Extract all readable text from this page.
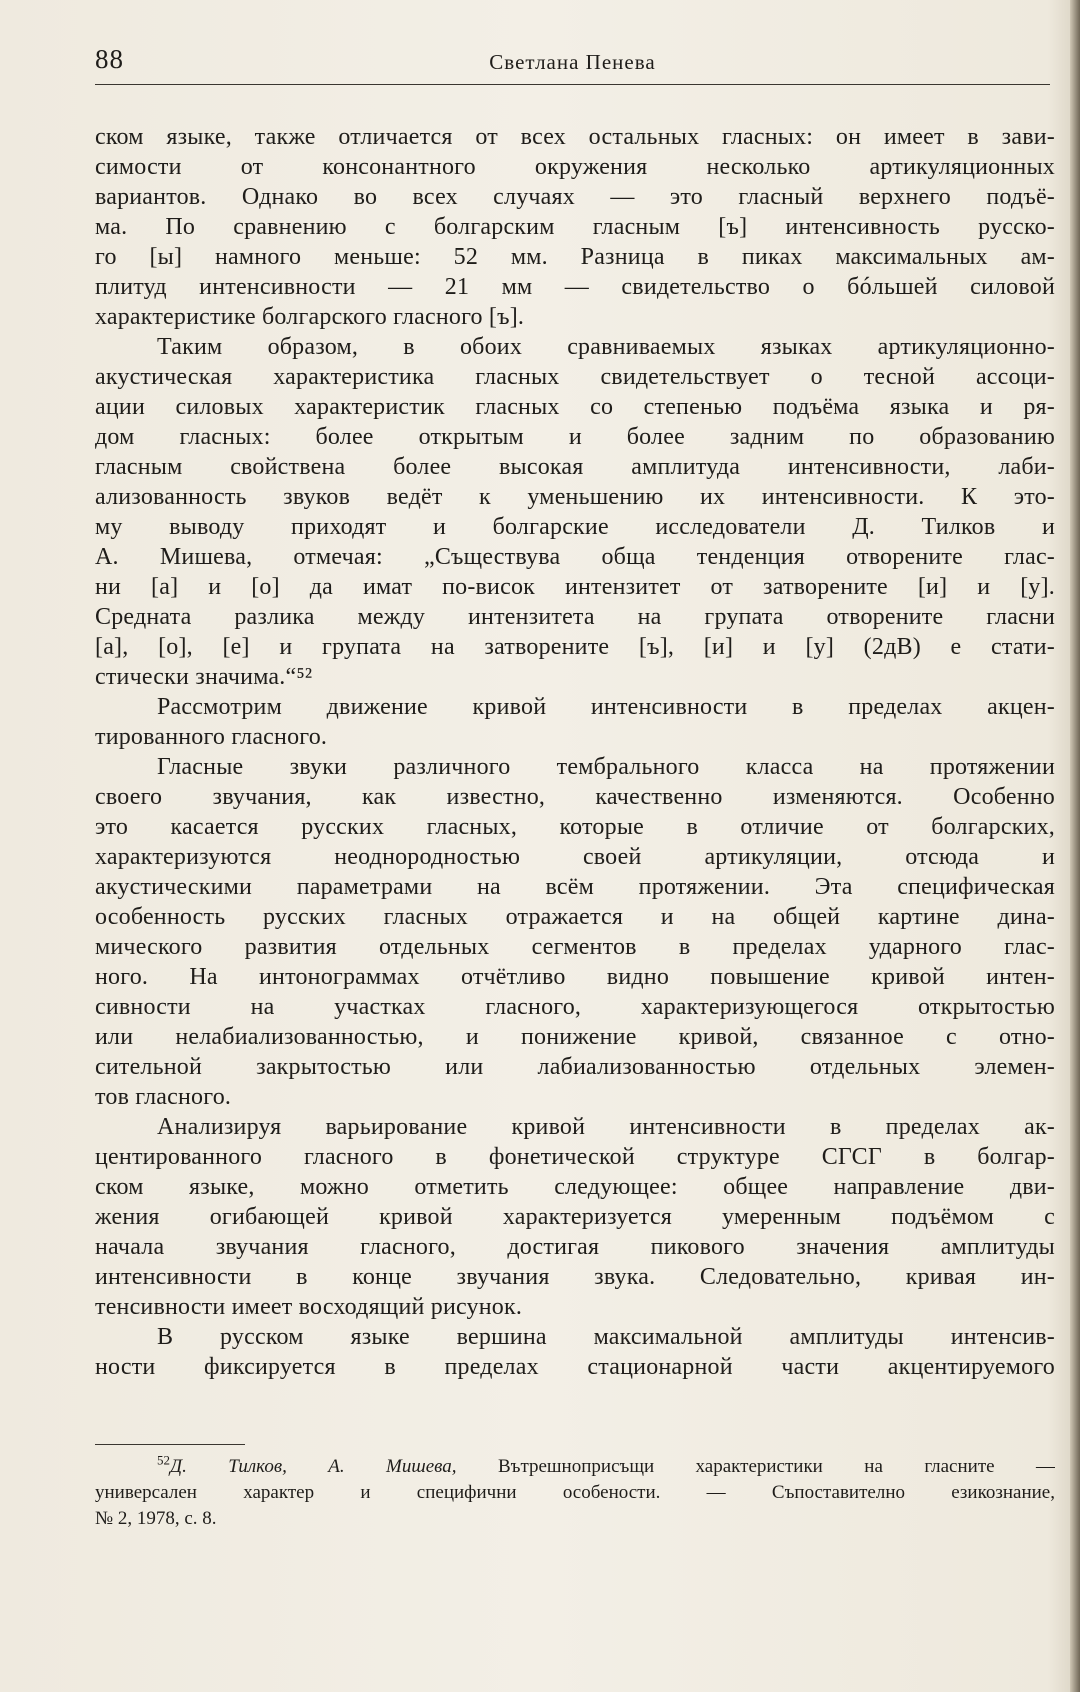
88	Светлана Пенева
ском языке, также отличается от всех остальных гласных: он имеет в зави-
симости от консонантного окружения несколько артикуляционных
вариантов. Однако во всех случаях — это гласный верхнего подъё-
ма. По сравнению с болгарским гласным [ъ] интенсивность русско-
го [ы] намного меньше: 52 мм. Разница в пиках максимальных ам-
плитуд интенсивности — 21 мм — свидетельство о бóльшей силовой
характеристике болгарского гласного [ъ].
Таким образом, в обоих сравниваемых языках артикуляционно-
акустическая характеристика гласных свидетельствует о тесной ассоци-
ации силовых характеристик гласных со степенью подъёма языка и ря-
дом гласных: более открытым и более задним по образованию
гласным свойствена более высокая амплитуда интенсивности, лаби-
ализованность звуков ведёт к уменьшению их интенсивности. К это-
му выводу приходят и болгарские исследователи Д. Тилков и
А. Мишева, отмечая: „Съществува обща тенденция отворените глас-
ни [а] и [о] да имат по-висок интензитет от затворените [и] и [у].
Средната разлика между интензитета на групата отворените гласни
[а], [о], [е] и групата на затворените [ъ], [и] и [у] (2дВ) е стати-
стически значима.“⁵²
Рассмотрим движение кривой интенсивности в пределах акцен-
тированного гласного.
Гласные звуки различного тембрального класса на протяжении
своего звучания, как известно, качественно изменяются. Особенно
это касается русских гласных, которые в отличие от болгарских,
характеризуются неоднородностью своей артикуляции, отсюда и
акустическими параметрами на всём протяжении. Эта специфическая
особенность русских гласных отражается и на общей картине дина-
мического развития отдельных сегментов в пределах ударного глас-
ного. На интонограммах отчётливо видно повышение кривой интен-
сивности на участках гласного, характеризующегося открытостью
или нелабиализованностью, и понижение кривой, связанное с отно-
сительной закрытостью или лабиализованностью отдельных элемен-
тов гласного.
Анализируя варьирование кривой интенсивности в пределах ак-
центированного гласного в фонетической структуре СГСГ в болгар-
ском языке, можно отметить следующее: общее направление дви-
жения огибающей кривой характеризуется умеренным подъёмом с
начала звучания гласного, достигая пикового значения амплитуды
интенсивности в конце звучания звука. Следовательно, кривая ин-
тенсивности имеет восходящий рисунок.
В русском языке вершина максимальной амплитуды интенсив-
ности фиксируется в пределах стационарной части акцентируемого
$^{52}$Д. Тилков, А. Мишева, Вътрешноприсъщи характеристики на гласните —
универсален характер и специфични особености. — Съпоставително езикознание,
№ 2, 1978, с. 8.
